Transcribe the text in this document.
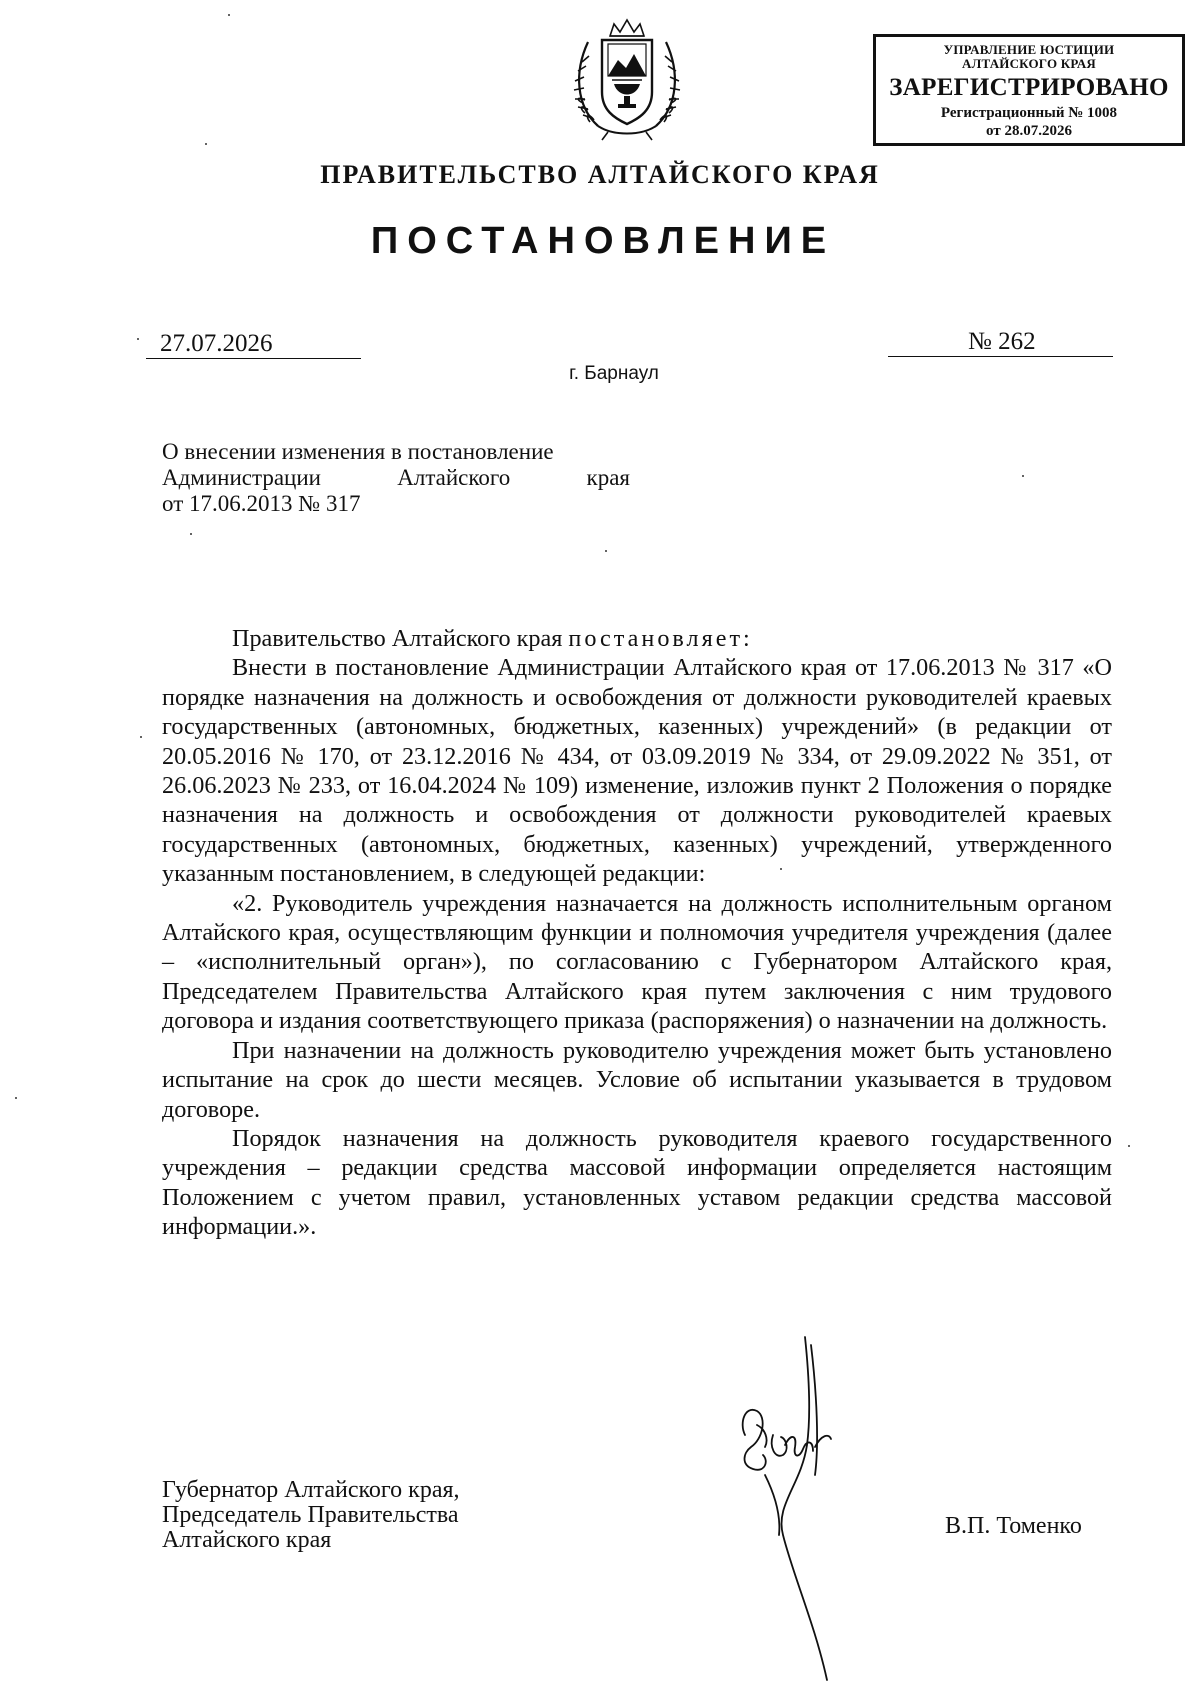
УПРАВЛЕНИЕ ЮСТИЦИИ
АЛТАЙСКОГО КРАЯ
ЗАРЕГИСТРИРОВАНО
Регистрационный № 1008
от 28.07.2026
ПРАВИТЕЛЬСТВО АЛТАЙСКОГО КРАЯ
ПОСТАНОВЛЕНИЕ
27.07.2026	№ 262
г. Барнаул
О внесении изменения в постановление
Администрации Алтайского края
от 17.06.2013 № 317

Правительство Алтайского края постановляет:

Внести в постановление Администрации Алтайского края от 17.06.2013 № 317 «О порядке назначения на должность и освобождения от должности руководителей краевых государственных (автономных, бюджетных, казенных) учреждений» (в редакции от 20.05.2016 № 170, от 23.12.2016 № 434, от 03.09.2019 № 334, от 29.09.2022 № 351, от 26.06.2023 № 233, от 16.04.2024 № 109) изменение, изложив пункт 2 Положения о порядке назначения на должность и освобождения от должности руководителей краевых государственных (автономных, бюджетных, казенных) учреждений, утвержденного указанным постановлением, в следующей редакции:

«2. Руководитель учреждения назначается на должность исполнительным органом Алтайского края, осуществляющим функции и полномочия учредителя учреждения (далее – «исполнительный орган»), по согласованию с Губернатором Алтайского края, Председателем Правительства Алтайского края путем заключения с ним трудового договора и издания соответствующего приказа (распоряжения) о назначении на должность.

При назначении на должность руководителю учреждения может быть установлено испытание на срок до шести месяцев. Условие об испытании указывается в трудовом договоре.

Порядок назначения на должность руководителя краевого государственного учреждения – редакции средства массовой информации определяется настоящим Положением с учетом правил, установленных уставом редакции средства массовой информации.».

Губернатор Алтайского края,
Председатель Правительства
Алтайского края
В.П. Томенко
